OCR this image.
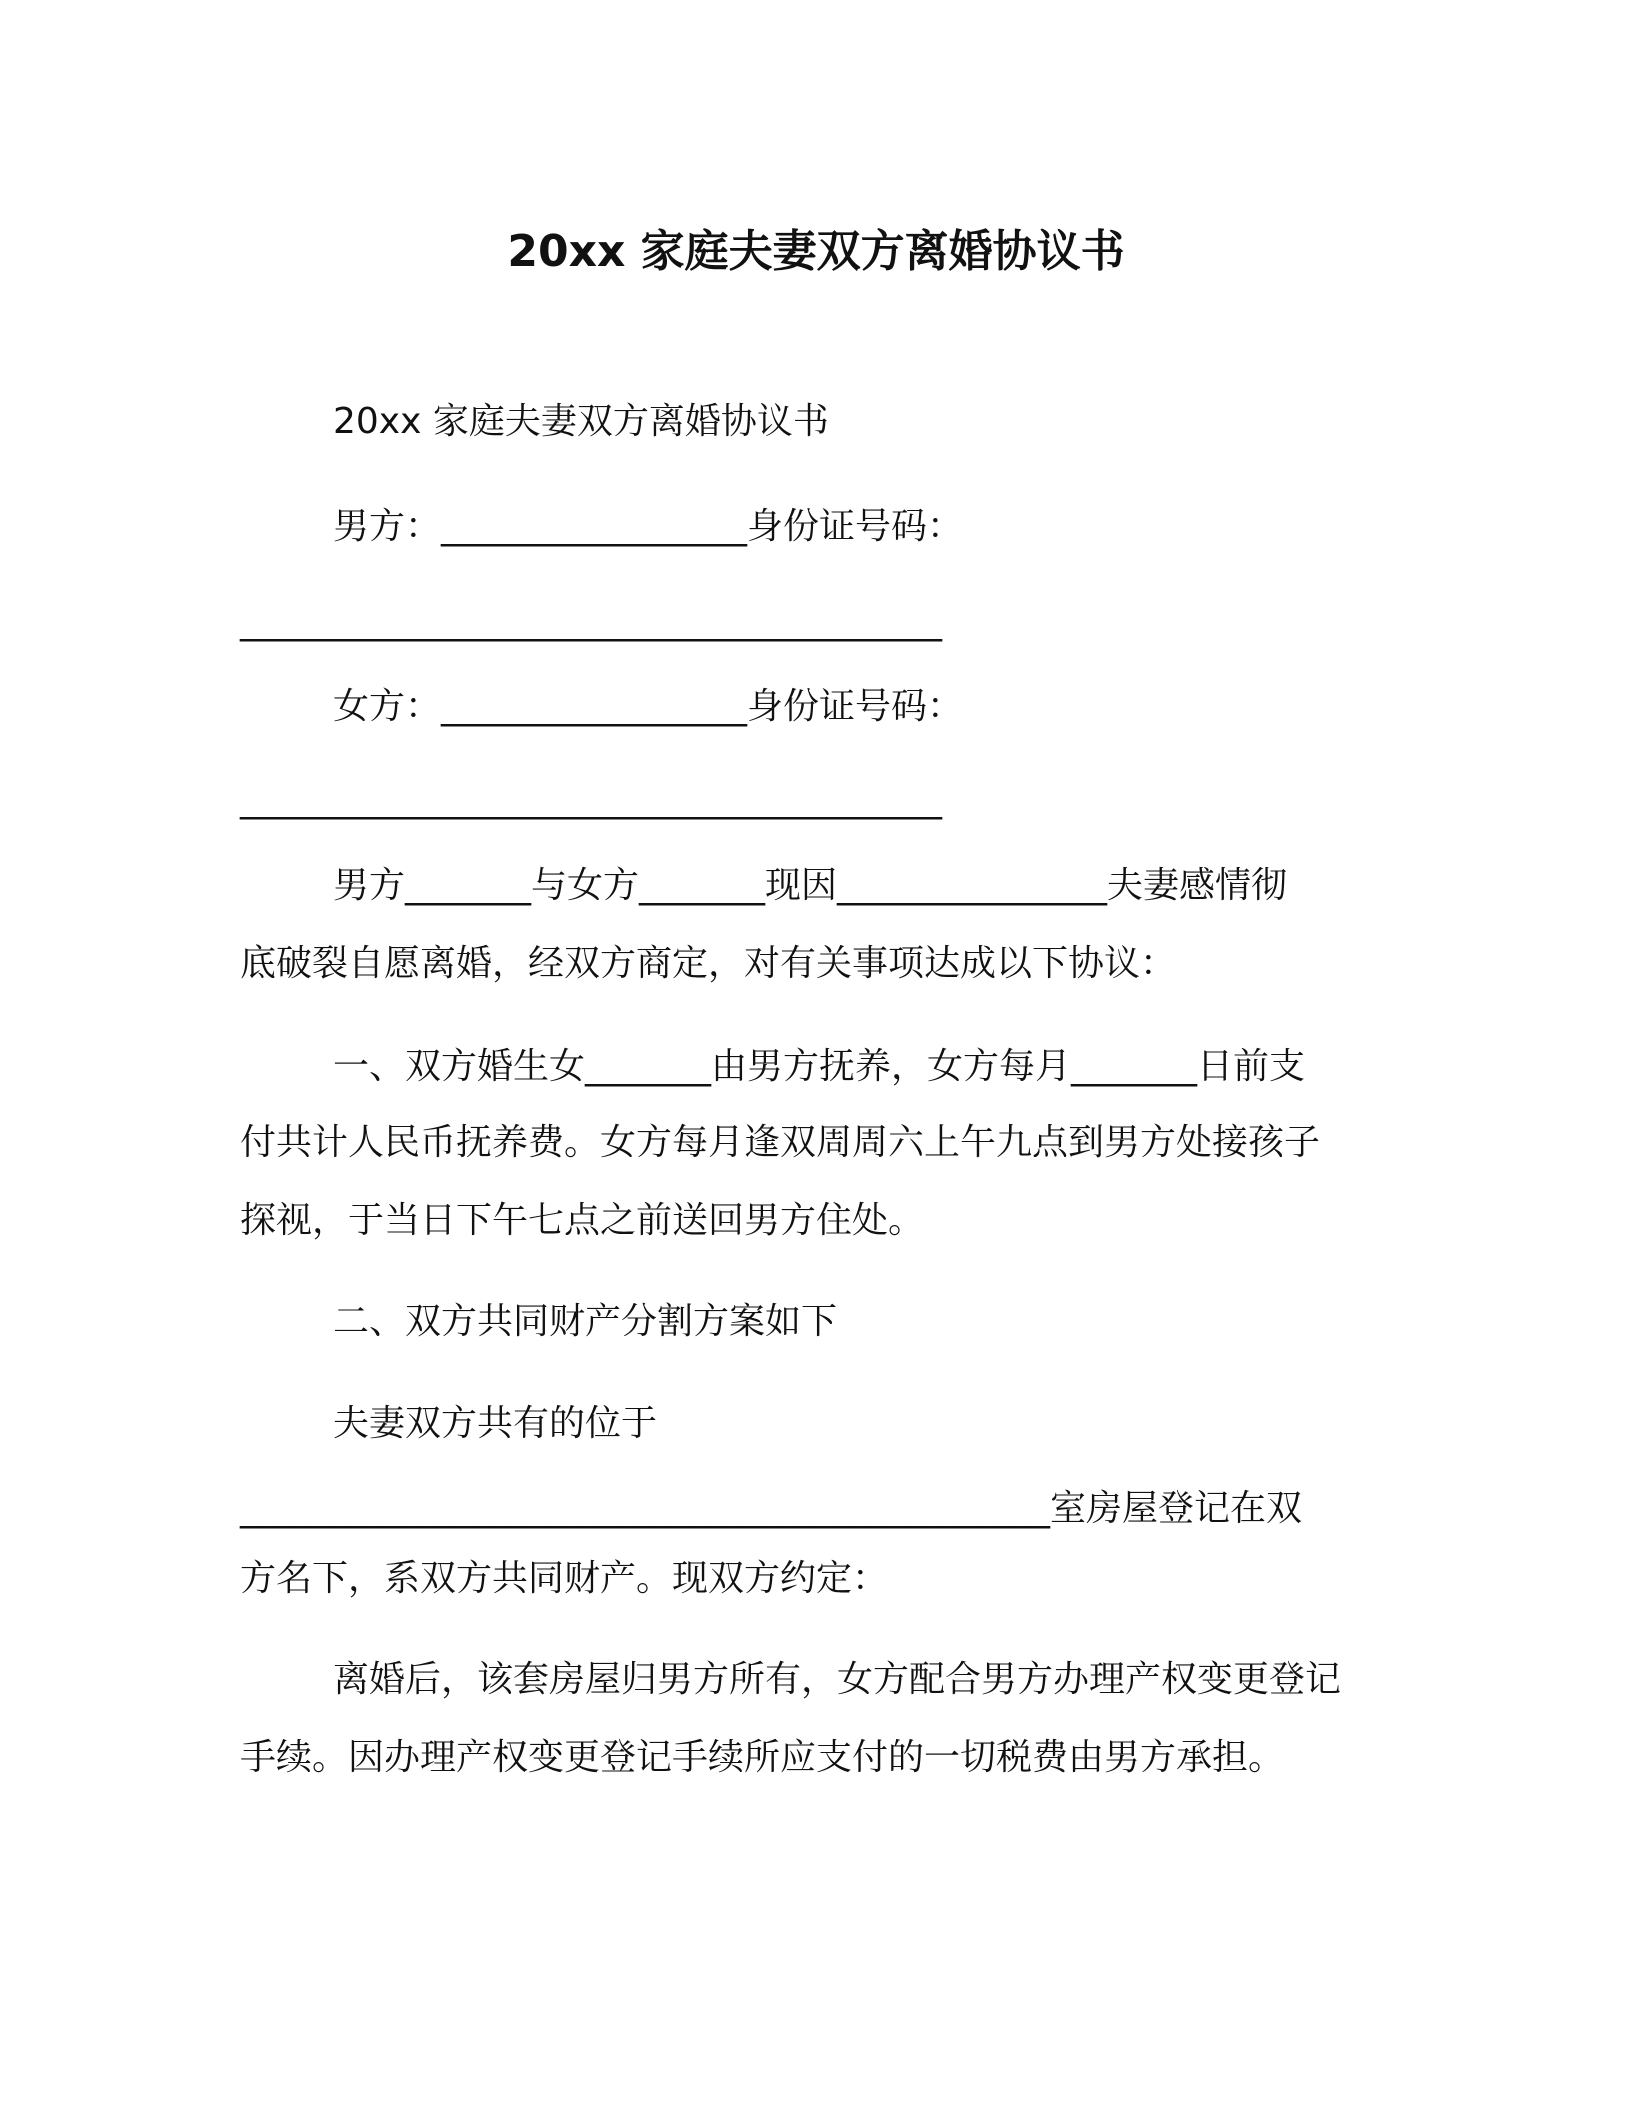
20xx 家庭夫妻双方离婚协议书
20xx 家庭夫妻双方离婚协议书
男方：_________________身份证号码：
_______________________________________
女方：_________________身份证号码：
_______________________________________
男方_______与女方_______现因_______________夫妻感情彻
底破裂自愿离婚，经双方商定，对有关事项达成以下协议：
一、双方婚生女_______由男方抚养，女方每月_______日前支
付共计人民币抚养费。女方每月逢双周周六上午九点到男方处接孩子
探视，于当日下午七点之前送回男方住处。
二、双方共同财产分割方案如下
夫妻双方共有的位于
_____________________________________________室房屋登记在双
方名下，系双方共同财产。现双方约定：
离婚后，该套房屋归男方所有，女方配合男方办理产权变更登记
手续。因办理产权变更登记手续所应支付的一切税费由男方承担。
